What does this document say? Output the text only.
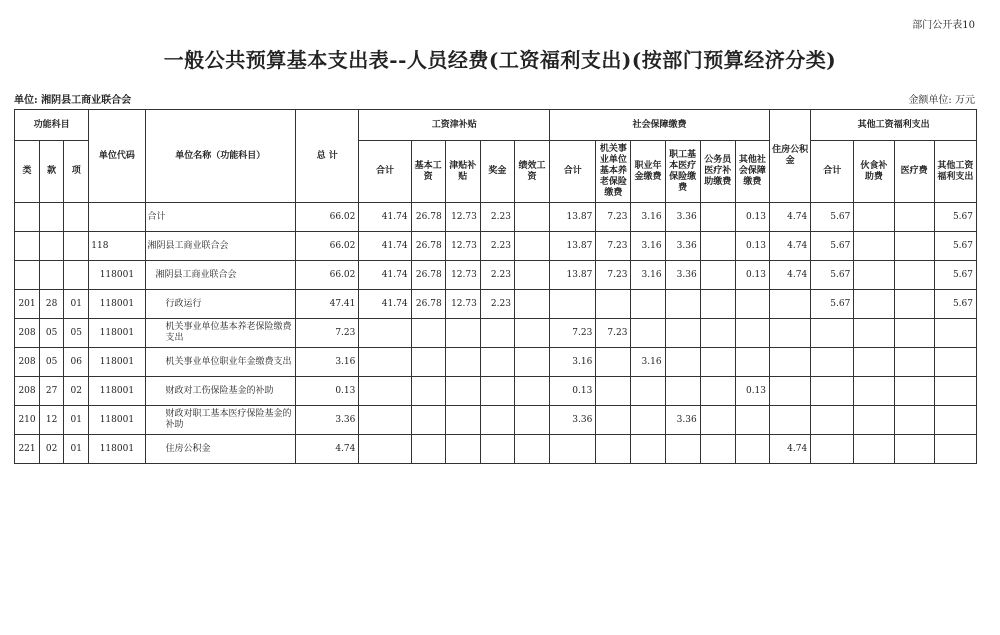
部门公开表10
一般公共预算基本支出表--人员经费(工资福利支出)(按部门预算经济分类)
单位: 湘阴县工商业联合会	金额单位: 万元
功能科目			单位代码	单位名称（功能科目）	总 计	工资津补贴					社会保障缴费						住房公积金	其他工资福利支出			
类	款	项				合计	基本工资	津贴补贴	奖金	绩效工资	合计	机关事业单位基本养老保险缴费	职业年金缴费	职工基本医疗保险缴费	公务员医疗补助缴费	其他社会保障缴费		合计	伙食补助费	医疗费	其他工资福利支出
				合计	66.02	41.74	26.78	12.73	2.23		13.87	7.23	3.16	3.36		0.13	4.74	5.67			5.67
			118	湘阴县工商业联合会	66.02	41.74	26.78	12.73	2.23		13.87	7.23	3.16	3.36		0.13	4.74	5.67			5.67
			118001	湘阴县工商业联合会	66.02	41.74	26.78	12.73	2.23		13.87	7.23	3.16	3.36		0.13	4.74	5.67			5.67
201	28	01	118001	行政运行	47.41	41.74	26.78	12.73	2.23									5.67			5.67
208	05	05	118001	机关事业单位基本养老保险缴费支出	7.23						7.23	7.23									
208	05	06	118001	机关事业单位职业年金缴费支出	3.16						3.16		3.16								
208	27	02	118001	财政对工伤保险基金的补助	0.13						0.13					0.13					
210	12	01	118001	财政对职工基本医疗保险基金的补助	3.36						3.36			3.36							
221	02	01	118001	住房公积金	4.74												4.74				
